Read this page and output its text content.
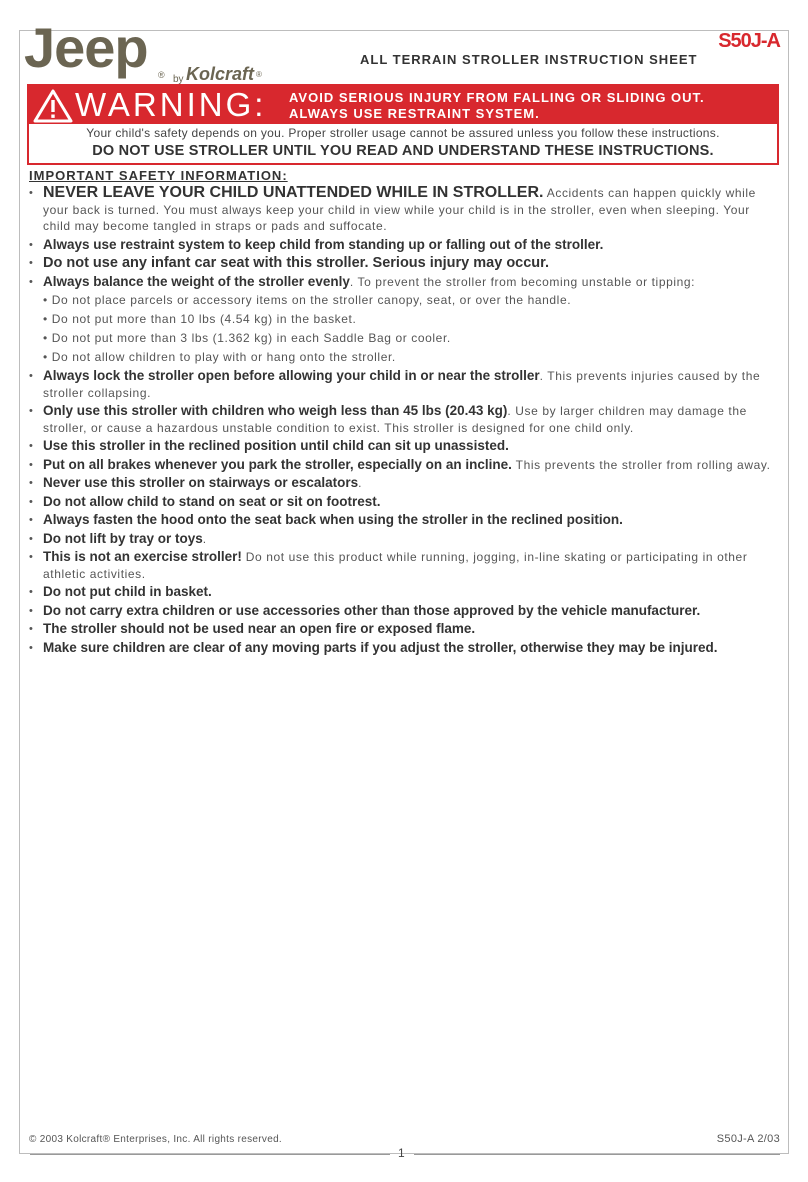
Jeep ® by Kolcraft ®
S50J-A
ALL TERRAIN STROLLER INSTRUCTION SHEET
WARNING: AVOID SERIOUS INJURY FROM FALLING OR SLIDING OUT.
ALWAYS USE RESTRAINT SYSTEM.
Your child's safety depends on you. Proper stroller usage cannot be assured unless you follow these instructions.
DO NOT USE STROLLER UNTIL YOU READ AND UNDERSTAND THESE INSTRUCTIONS.
IMPORTANT SAFETY INFORMATION:
• NEVER LEAVE YOUR CHILD UNATTENDED WHILE IN STROLLER. Accidents can happen quickly while your back is turned. You must always keep your child in view while your child is in the stroller, even when sleeping. Your child may become tangled in straps or pads and suffocate.
• Always use restraint system to keep child from standing up or falling out of the stroller.
• Do not use any infant car seat with this stroller. Serious injury may occur.
• Always balance the weight of the stroller evenly. To prevent the stroller from becoming unstable or tipping:
• Do not place parcels or accessory items on the stroller canopy, seat, or over the handle.
• Do not put more than 10 lbs (4.54 kg) in the basket.
• Do not put more than 3 lbs (1.362 kg) in each Saddle Bag or cooler.
• Do not allow children to play with or hang onto the stroller.
• Always lock the stroller open before allowing your child in or near the stroller. This prevents injuries caused by the stroller collapsing.
• Only use this stroller with children who weigh less than 45 lbs (20.43 kg). Use by larger children may damage the stroller, or cause a hazardous unstable condition to exist. This stroller is designed for one child only.
• Use this stroller in the reclined position until child can sit up unassisted.
• Put on all brakes whenever you park the stroller, especially on an incline. This prevents the stroller from rolling away.
• Never use this stroller on stairways or escalators.
• Do not allow child to stand on seat or sit on footrest.
• Always fasten the hood onto the seat back when using the stroller in the reclined position.
• Do not lift by tray or toys.
• This is not an exercise stroller! Do not use this product while running, jogging, in-line skating or participating in other athletic activities.
• Do not put child in basket.
• Do not carry extra children or use accessories other than those approved by the vehicle manufacturer.
• The stroller should not be used near an open fire or exposed flame.
• Make sure children are clear of any moving parts if you adjust the stroller, otherwise they may be injured.
© 2003 Kolcraft® Enterprises, Inc. All rights reserved.	S50J-A 2/03
1
